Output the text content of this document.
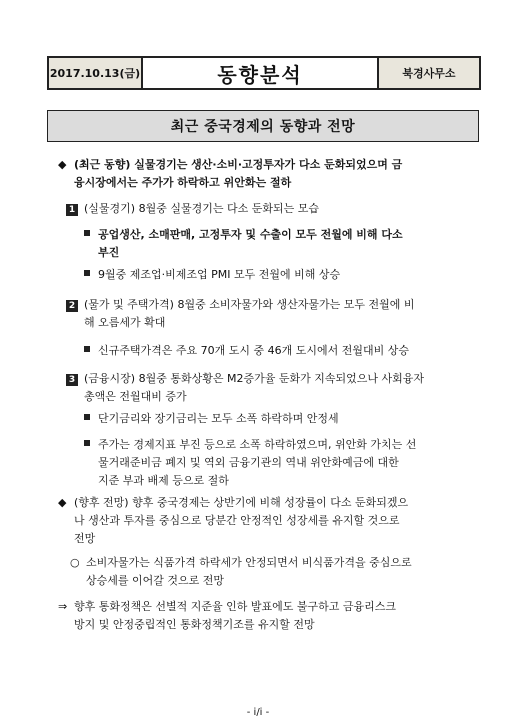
2017.10.13(금)	동향분석	북경사무소
최근 중국경제의 동향과 전망
◆ (최근 동향) 실물경기는 생산·소비·고정투자가 다소 둔화되었으며 금
융시장에서는 주가가 하락하고 위안화는 절하
1 (실물경기) 8월중 실물경기는 다소 둔화되는 모습
공업생산, 소매판매, 고정투자 및 수출이 모두 전월에 비해 다소
부진
9월중 제조업·비제조업 PMI 모두 전월에 비해 상승
2 (물가 및 주택가격) 8월중 소비자물가와 생산자물가는 모두 전월에 비
해 오름세가 확대
신규주택가격은 주요 70개 도시 중 46개 도시에서 전월대비 상승
3 (금융시장) 8월중 통화상황은 M2증가율 둔화가 지속되었으나 사회융자
총액은 전월대비 증가
단기금리와 장기금리는 모두 소폭 하락하며 안정세
주가는 경제지표 부진 등으로 소폭 하락하였으며, 위안화 가치는 선
물거래준비금 폐지 및 역외 금융기관의 역내 위안화예금에 대한
지준 부과 배제 등으로 절하
◆ (향후 전망) 향후 중국경제는 상반기에 비해 성장률이 다소 둔화되겠으
나 생산과 투자를 중심으로 당분간 안정적인 성장세를 유지할 것으로
전망
○ 소비자물가는 식품가격 하락세가 안정되면서 비식품가격을 중심으로
상승세를 이어갈 것으로 전망
⇒ 향후 통화정책은 선별적 지준율 인하 발표에도 불구하고 금융리스크
방지 및 안정중립적인 통화정책기조를 유지할 전망
- i/i -
